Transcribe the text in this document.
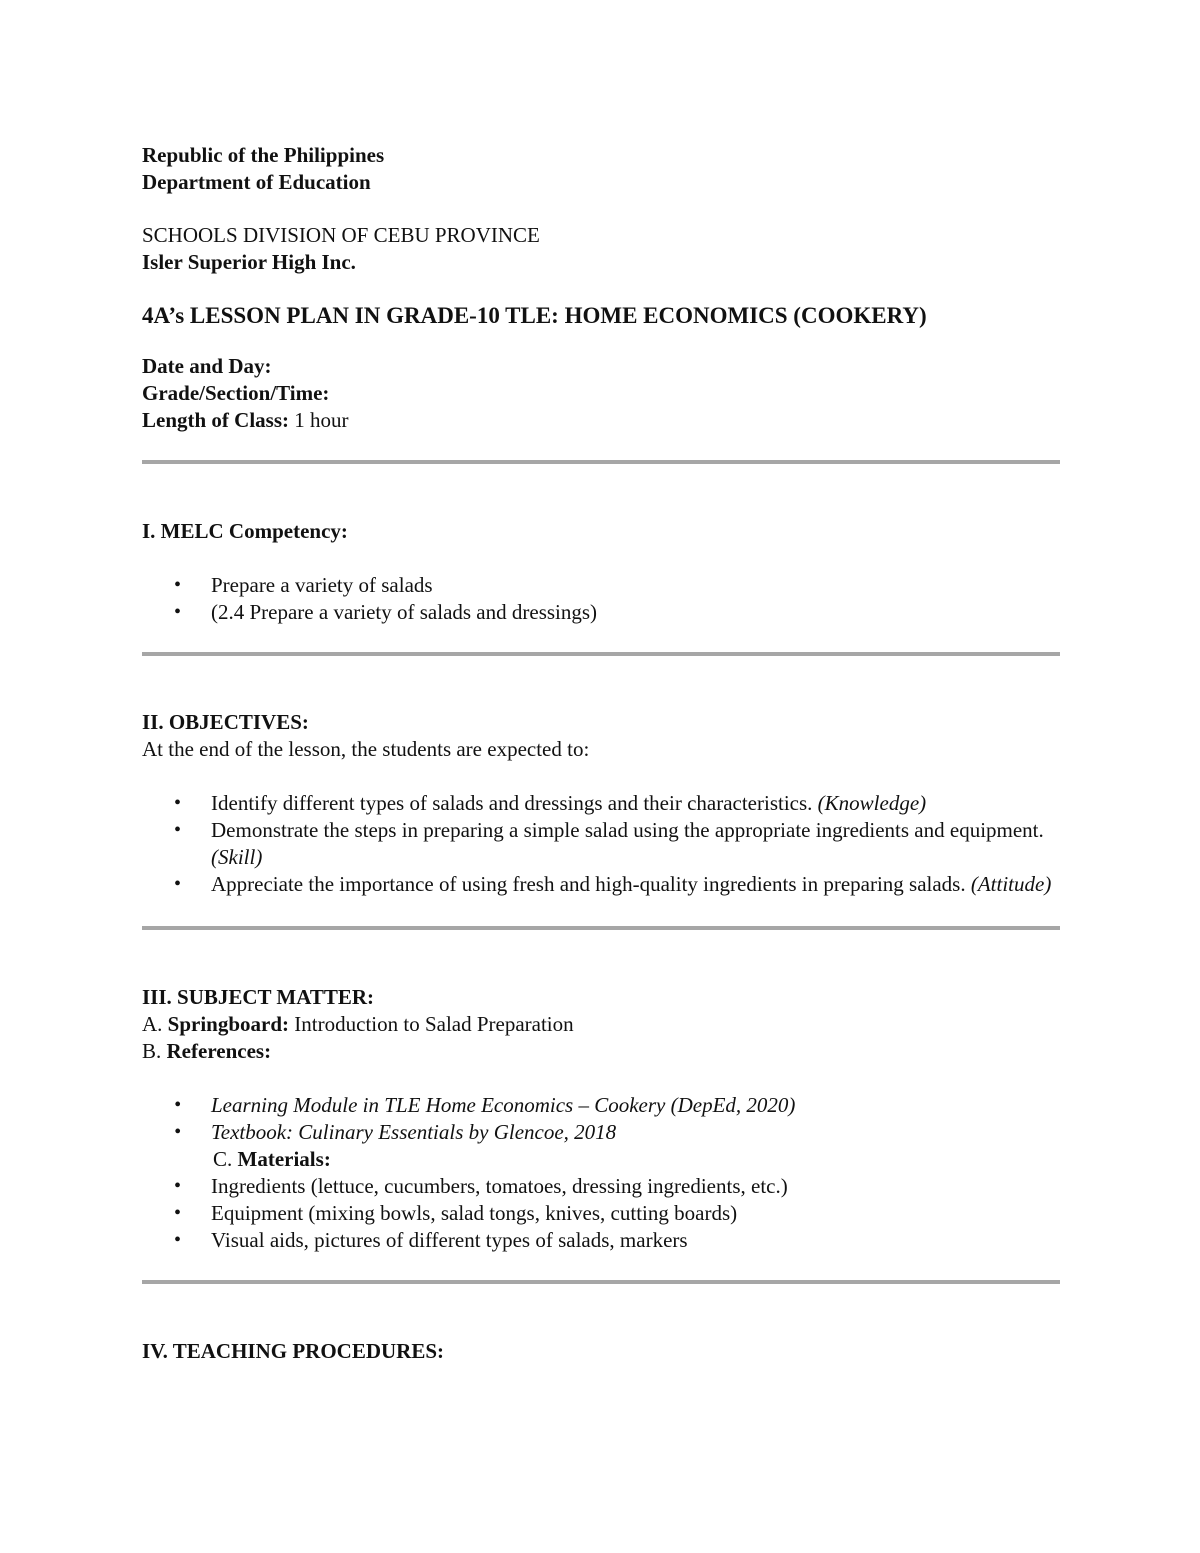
Republic of the Philippines
Department of Education
SCHOOLS DIVISION OF CEBU PROVINCE
Isler Superior High Inc.
4A’s LESSON PLAN IN GRADE-10 TLE: HOME ECONOMICS (COOKERY)
Date and Day:
Grade/Section/Time:
Length of Class: 1 hour
I. MELC Competency:
• Prepare a variety of salads
• (2.4 Prepare a variety of salads and dressings)
II. OBJECTIVES:
At the end of the lesson, the students are expected to:
• Identify different types of salads and dressings and their characteristics. (Knowledge)
• Demonstrate the steps in preparing a simple salad using the appropriate ingredients and equipment. (Skill)
• Appreciate the importance of using fresh and high-quality ingredients in preparing salads. (Attitude)
III. SUBJECT MATTER:
A. Springboard: Introduction to Salad Preparation
B. References:
• Learning Module in TLE Home Economics – Cookery (DepEd, 2020)
• Textbook: Culinary Essentials by Glencoe, 2018
C. Materials:
• Ingredients (lettuce, cucumbers, tomatoes, dressing ingredients, etc.)
• Equipment (mixing bowls, salad tongs, knives, cutting boards)
• Visual aids, pictures of different types of salads, markers
IV. TEACHING PROCEDURES:
